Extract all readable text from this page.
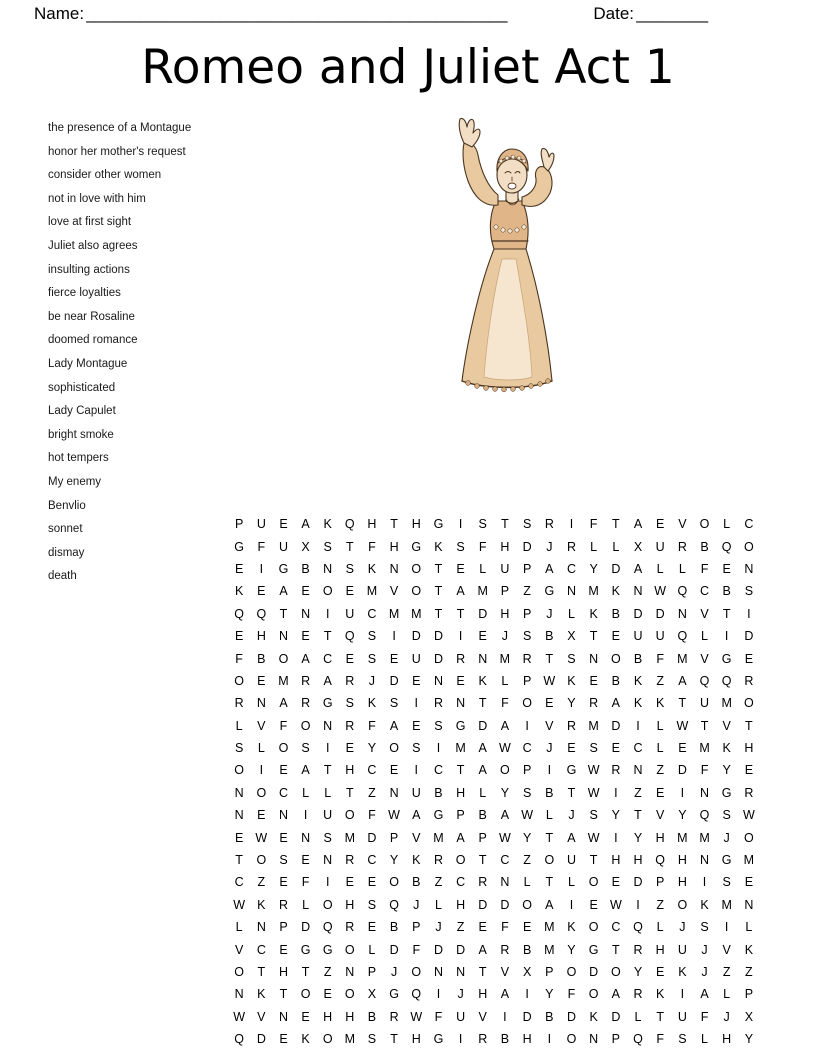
Name: _______________________________________________	Date: ________
Romeo and Juliet Act 1
the presence of a Montague
honor her mother's request
consider other women
not in love with him
love at first sight
Juliet also agrees
insulting actions
fierce loyalties
be near Rosaline
doomed romance
Lady Montague
sophisticated
Lady Capulet
bright smoke
hot tempers
My enemy
Benvlio
sonnet
dismay
death
P	U	E	A	K	Q	H	T	H	G	I	S	T	S	R	I	F	T	A	E	V	O	L	C
G	F	U	X	S	T	F	H	G	K	S	F	H	D	J	R	L	L	X	U	R	B	Q	O
E	I	G	B	N	S	K	N	O	T	E	L	U	P	A	C	Y	D	A	L	L	F	E	N
K	E	A	E	O	E	M	V	O	T	A	M	P	Z	G	N	M	K	N	W	Q	C	B	S
Q	Q	T	N	I	U	C	M	M	T	T	D	H	P	J	L	K	B	D	D	N	V	T	I
E	H	N	E	T	Q	S	I	D	D	I	E	J	S	B	X	T	E	U	U	Q	L	I	D
F	B	O	A	C	E	S	E	U	D	R	N	M	R	T	S	N	O	B	F	M	V	G	E
O	E	M	R	A	R	J	D	E	N	E	K	L	P	W	K	E	B	K	Z	A	Q	Q	R
R	N	A	R	G	S	K	S	I	R	N	T	F	O	E	Y	R	A	K	K	T	U	M	O
L	V	F	O	N	R	F	A	E	S	G	D	A	I	V	R	M	D	I	L	W	T	V	T
S	L	O	S	I	E	Y	O	S	I	M	A	W	C	J	E	S	E	C	L	E	M	K	H
O	I	E	A	T	H	C	E	I	C	T	A	O	P	I	G	W	R	N	Z	D	F	Y	E
N	O	C	L	L	T	Z	N	U	B	H	L	Y	S	B	T	W	I	Z	E	I	N	G	R
N	E	N	I	U	O	F	W	A	G	P	B	A	W	L	J	S	Y	T	V	Y	Q	S	W
E	W	E	N	S	M	D	P	V	M	A	P	W	Y	T	A	W	I	Y	H	M	M	J	O
T	O	S	E	N	R	C	Y	K	R	O	T	C	Z	O	U	T	H	H	Q	H	N	G	M
C	Z	E	F	I	E	E	O	B	Z	C	R	N	L	T	L	O	E	D	P	H	I	S	E
W	K	R	L	O	H	S	Q	J	L	H	D	D	O	A	I	E	W	I	Z	O	K	M	N
L	N	P	D	Q	R	E	B	P	J	Z	E	F	E	M	K	O	C	Q	L	J	S	I	L
V	C	E	G	G	O	L	D	F	D	D	A	R	B	M	Y	G	T	R	H	U	J	V	K
O	T	H	T	Z	N	P	J	O	N	N	T	V	X	P	O	D	O	Y	E	K	J	Z	Z
N	K	T	O	E	O	X	G	Q	I	J	H	A	I	Y	F	O	A	R	K	I	A	L	P
W	V	N	E	H	H	B	R	W	F	U	V	I	D	B	D	K	D	L	T	U	F	J	X
Q	D	E	K	O	M	S	T	H	G	I	R	B	H	I	O	N	P	Q	F	S	L	H	Y
